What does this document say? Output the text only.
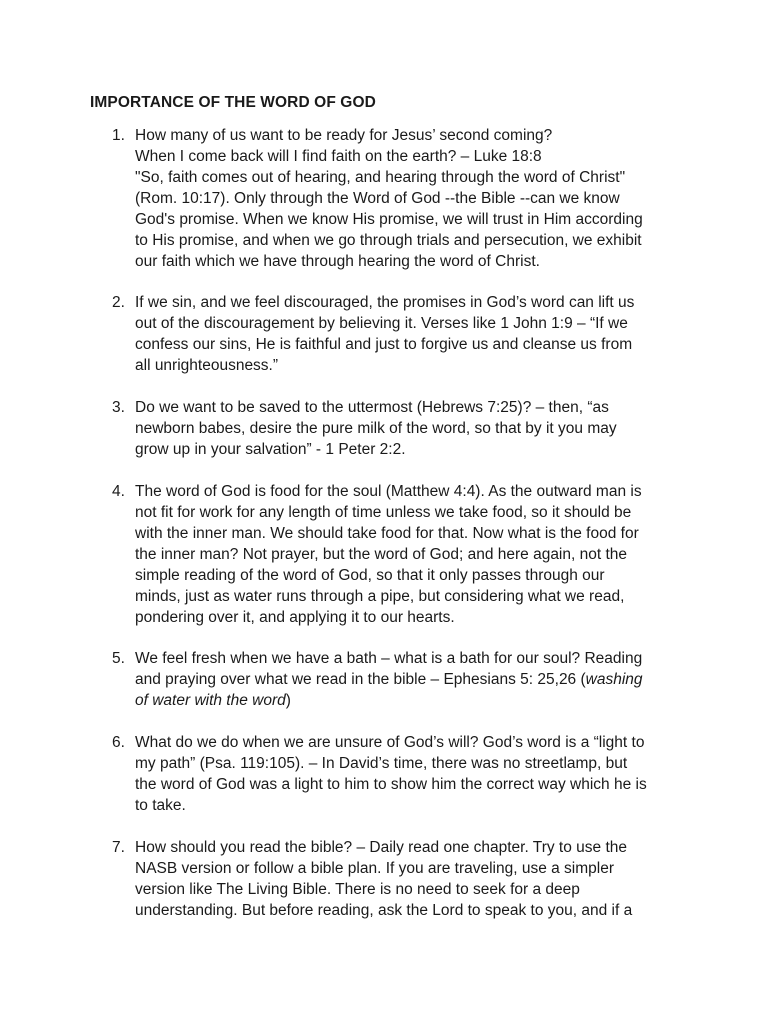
IMPORTANCE OF THE WORD OF GOD
1. How many of us want to be ready for Jesus’ second coming?
When I come back will I find faith on the earth? – Luke 18:8
"So, faith comes out of hearing, and hearing through the word of Christ"
(Rom. 10:17). Only through the Word of God --the Bible --can we know
God's promise. When we know His promise, we will trust in Him according
to His promise, and when we go through trials and persecution, we exhibit
our faith which we have through hearing the word of Christ.
2. If we sin, and we feel discouraged, the promises in God’s word can lift us
out of the discouragement by believing it. Verses like 1 John 1:9 – “If we
confess our sins, He is faithful and just to forgive us and cleanse us from
all unrighteousness.”
3. Do we want to be saved to the uttermost (Hebrews 7:25)? – then, “as
newborn babes, desire the pure milk of the word, so that by it you may
grow up in your salvation” - 1 Peter 2:2.
4. The word of God is food for the soul (Matthew 4:4). As the outward man is
not fit for work for any length of time unless we take food, so it should be
with the inner man. We should take food for that. Now what is the food for
the inner man? Not prayer, but the word of God; and here again, not the
simple reading of the word of God, so that it only passes through our
minds, just as water runs through a pipe, but considering what we read,
pondering over it, and applying it to our hearts.
5. We feel fresh when we have a bath – what is a bath for our soul? Reading
and praying over what we read in the bible – Ephesians 5: 25,26 (washing
of water with the word)
6. What do we do when we are unsure of God’s will? God’s word is a “light to
my path” (Psa. 119:105). – In David’s time, there was no streetlamp, but
the word of God was a light to him to show him the correct way which he is
to take.
7. How should you read the bible? – Daily read one chapter. Try to use the
NASB version or follow a bible plan. If you are traveling, use a simpler
version like The Living Bible. There is no need to seek for a deep
understanding. But before reading, ask the Lord to speak to you, and if a
